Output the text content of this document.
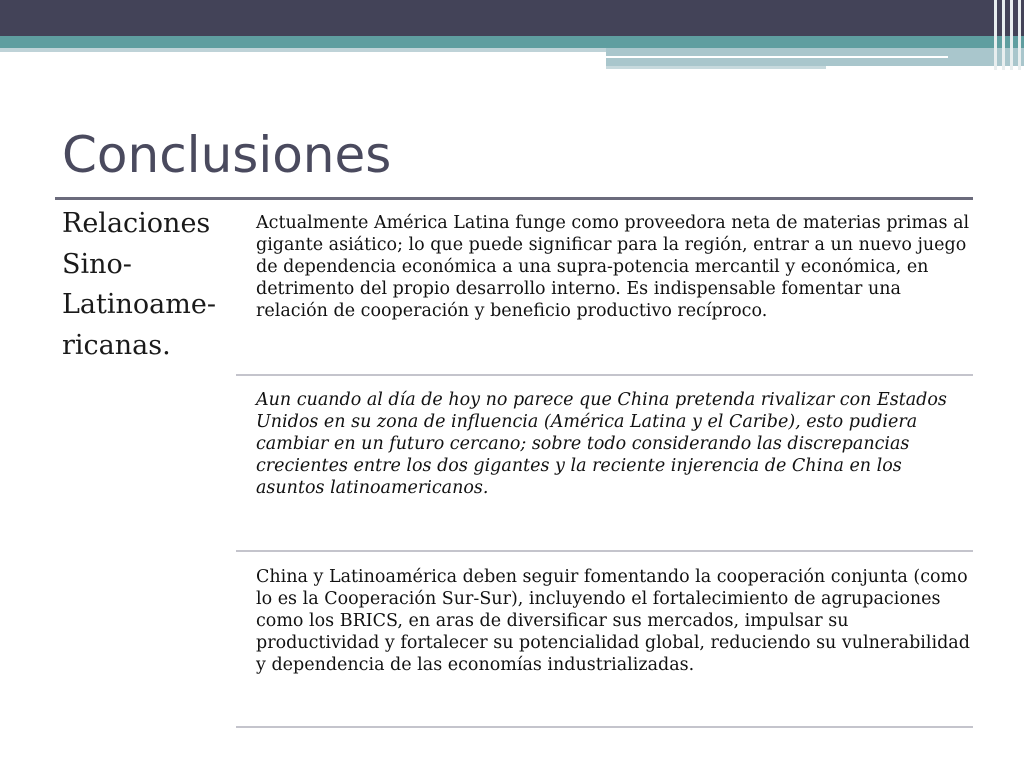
Conclusiones
Relaciones Sino-Latinoame-ricanas.
Actualmente América Latina funge como proveedora neta de materias primas al gigante asiático; lo que puede significar para la región, entrar a un nuevo juego de dependencia económica a una supra-potencia mercantil y económica, en detrimento del propio desarrollo interno. Es indispensable fomentar una relación de cooperación y beneficio productivo recíproco.
Aun cuando al día de hoy no parece que China pretenda rivalizar con Estados Unidos en su zona de influencia (América Latina y el Caribe), esto pudiera cambiar en un futuro cercano; sobre todo considerando las discrepancias crecientes entre los dos gigantes y la reciente injerencia de China en los asuntos latinoamericanos.
China y Latinoamérica deben seguir fomentando la cooperación conjunta (como lo es la Cooperación Sur-Sur), incluyendo el fortalecimiento de agrupaciones como los BRICS, en aras de diversificar sus mercados, impulsar su productividad y fortalecer su potencialidad global, reduciendo su vulnerabilidad y dependencia de las economías industrializadas.
